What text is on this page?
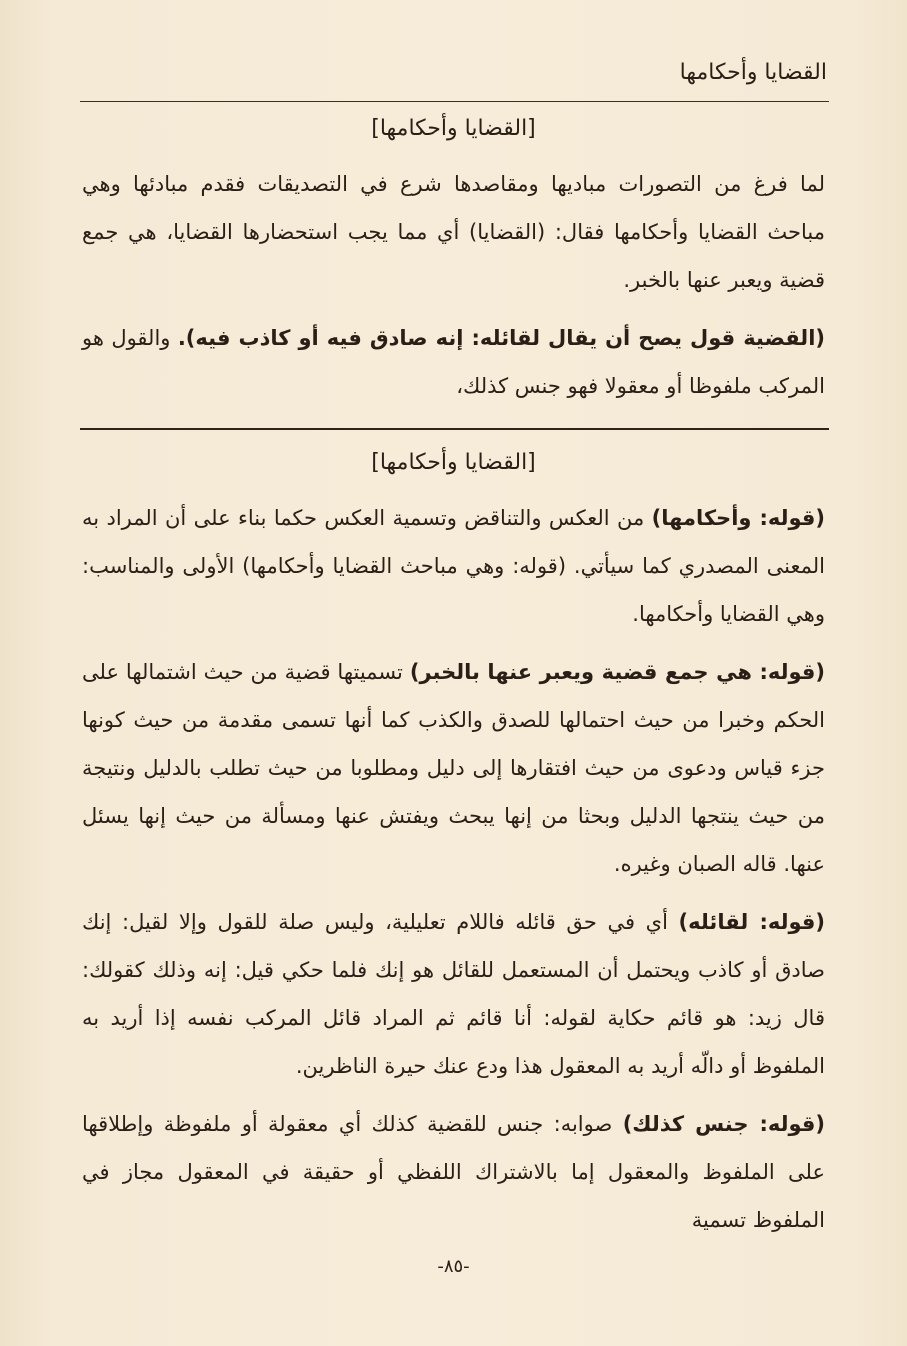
القضايا وأحكامها
[القضايا وأحكامها]

لما فرغ من التصورات مباديها ومقاصدها شرع في التصديقات فقدم مبادئها وهي مباحث القضايا وأحكامها فقال: (القضايا) أي مما يجب استحضارها القضايا، هي جمع قضية ويعبر عنها بالخبر.

(القضية قول يصح أن يقال لقائله: إنه صادق فيه أو كاذب فيه). والقول هو المركب ملفوظا أو معقولا فهو جنس كذلك،

[القضايا وأحكامها]

(قوله: وأحكامها) من العكس والتناقض وتسمية العكس حكما بناء على أن المراد به المعنى المصدري كما سيأتي. (قوله: وهي مباحث القضايا وأحكامها) الأولى والمناسب: وهي القضايا وأحكامها.

(قوله: هي جمع قضية ويعبر عنها بالخبر) تسميتها قضية من حيث اشتمالها على الحكم وخبرا من حيث احتمالها للصدق والكذب كما أنها تسمى مقدمة من حيث كونها جزء قياس ودعوى من حيث افتقارها إلى دليل ومطلوبا من حيث تطلب بالدليل ونتيجة من حيث ينتجها الدليل وبحثا من إنها يبحث ويفتش عنها ومسألة من حيث إنها يسئل عنها. قاله الصبان وغيره.

(قوله: لقائله) أي في حق قائله فاللام تعليلية، وليس صلة للقول وإلا لقيل: إنك صادق أو كاذب ويحتمل أن المستعمل للقائل هو إنك فلما حكي قيل: إنه وذلك كقولك: قال زيد: هو قائم حكاية لقوله: أنا قائم ثم المراد قائل المركب نفسه إذا أريد به الملفوظ أو دالّه أريد به المعقول هذا ودع عنك حيرة الناظرين.

(قوله: جنس كذلك) صوابه: جنس للقضية كذلك أي معقولة أو ملفوظة وإطلاقها على الملفوظ والمعقول إما بالاشتراك اللفظي أو حقيقة في المعقول مجاز في الملفوظ تسمية

-٨٥-
